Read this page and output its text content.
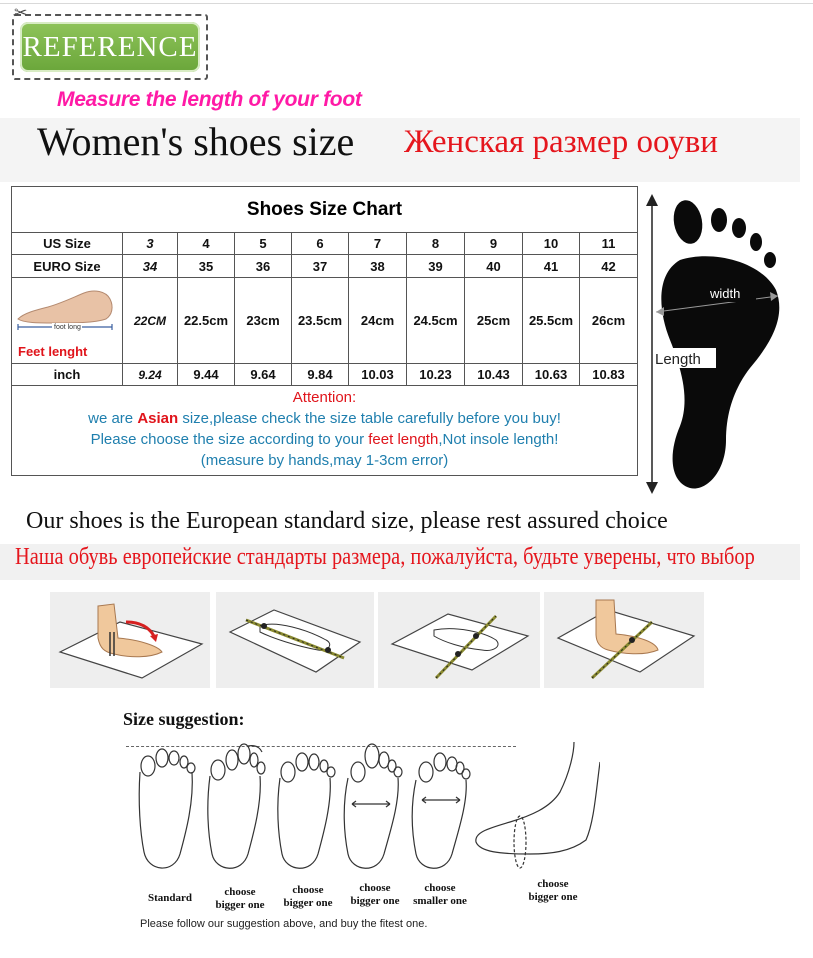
REFERENCE
✂
Measure the length of your foot
Women's shoes size Женская размер ооуви
Shoes Size Chart
US Size	3	4	5	6	7	8	9	10	11
EURO Size	34	35	36	37	38	39	40	41	42
foot long
Feet lenght
22CM	22.5cm	23cm	23.5cm	24cm	24.5cm	25cm	25.5cm	26cm
inch	9.24	9.44	9.64	9.84	10.03	10.23	10.43	10.63	10.83
Attention:
we are Asian size,please check the size table carefully before you buy!
Please choose the size according to your feet length,Not insole length!
(measure by hands,may 1-3cm error)
width
Length
Our shoes is the European standard size, please rest assured choice
Наша обувь европейские стандарты размера, пожалуйста, будьте уверены, что выбор
Size suggestion:
Standard	choose
bigger one
choose
bigger one
choose
bigger one
choose
smaller one
choose
bigger one
Please follow our suggestion above, and buy the fitest one.
